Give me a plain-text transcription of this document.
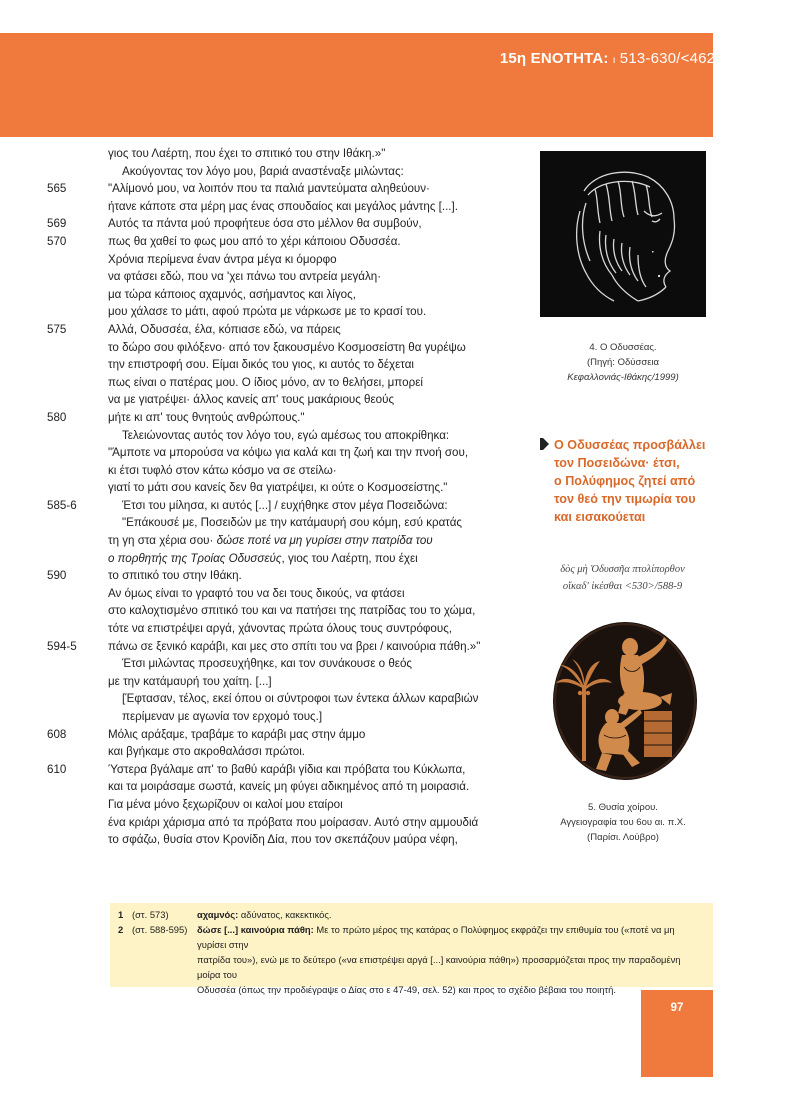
15η ΕΝΟΤΗΤΑ: ι 513-630/<462-566>
γιος του Λαέρτη, που έχει το σπιτικό του στην Ιθάκη.»"
Ακούγοντας τον λόγο μου, βαριά αναστέναξε μιλώντας:
565	"Αλίμονό μου, να λοιπόν που τα παλιά μαντεύματα αληθεύουν·
ήτανε κάποτε στα μέρη μας ένας σπουδαίος και μεγάλος μάντης [...].
569	Αυτός τα πάντα μού προφήτευε όσα στο μέλλον θα συμβούν,
570	πως θα χαθεί το φως μου από το χέρι κάποιου Οδυσσέα.
Χρόνια περίμενα έναν άντρα μέγα κι όμορφο
να φτάσει εδώ, που να 'χει πάνω του αντρεία μεγάλη·
μα τώρα κάποιος αχαμνός, ασήμαντος και λίγος,
μου χάλασε το μάτι, αφού πρώτα με νάρκωσε με το κρασί του.
575	Αλλά, Οδυσσέα, έλα, κόπιασε εδώ, να πάρεις
το δώρο σου φιλόξενο· από τον ξακουσμένο Κοσμοσείστη θα γυρέψω
την επιστροφή σου. Είμαι δικός του γιος, κι αυτός το δέχεται
πως είναι ο πατέρας μου. Ο ίδιος μόνο, αν το θελήσει, μπορεί
να με γιατρέψει· άλλος κανείς απ' τους μακάριους θεούς
580	μήτε κι απ' τους θνητούς ανθρώπους."
Τελειώνοντας αυτός τον λόγο του, εγώ αμέσως του αποκρίθηκα:
"Άμποτε να μπορούσα να κόψω για καλά και τη ζωή και την πνοή σου,
κι έτσι τυφλό στον κάτω κόσμο να σε στείλω·
γιατί το μάτι σου κανείς δεν θα γιατρέψει, κι ούτε ο Κοσμοσείστης."
585-6	Έτσι του μίλησα, κι αυτός [...] / ευχήθηκε στον μέγα Ποσειδώνα:
"Επάκουσέ με, Ποσειδών με την κατάμαυρή σου κόμη, εσύ κρατάς
τη γη στα χέρια σου· δώσε ποτέ να μη γυρίσει στην πατρίδα του
ο πορθητής της Τροίας Οδυσσεύς, γιος του Λαέρτη, που έχει
590	το σπιτικό του στην Ιθάκη.
Αν όμως είναι το γραφτό του να δει τους δικούς, να φτάσει
στο καλοχτισμένο σπιτικό του και να πατήσει της πατρίδας του το χώμα,
τότε να επιστρέψει αργά, χάνοντας πρώτα όλους τους συντρόφους,
594-5	πάνω σε ξενικό καράβι, και μες στο σπίτι του να βρει / καινούρια πάθη.»"
Έτσι μιλώντας προσευχήθηκε, και τον συνάκουσε ο θεός
με την κατάμαυρή του χαίτη. [...]
[Έφτασαν, τέλος, εκεί όπου οι σύντροφοι των έντεκα άλλων καραβιών
περίμεναν με αγωνία τον ερχομό τους.]
608	Μόλις αράξαμε, τραβάμε το καράβι μας στην άμμο
και βγήκαμε στο ακροθαλάσσι πρώτοι.
610	Ύστερα βγάλαμε απ' το βαθύ καράβι γίδια και πρόβατα του Κύκλωπα,
και τα μοιράσαμε σωστά, κανείς μη φύγει αδικημένος από τη μοιρασιά.
Για μένα μόνο ξεχωρίζουν οι καλοί μου εταίροι
ένα κριάρι χάρισμα από τα πρόβατα που μοίρασαν. Αυτό στην αμμουδιά
το σφάζω, θυσία στον Κρονίδη Δία, που τον σκεπάζουν μαύρα νέφη,
4. Ο Οδυσσέας.
(Πηγή: Οδύσσεια
Κεφαλλονιάς-Ιθάκης/1999)
Ο Οδυσσέας προσβάλλει
τον Ποσειδώνα· έτσι,
ο Πολύφημος ζητεί από
τον θεό την τιμωρία του
και εισακούεται
δὸς μὴ Ὀδυσσῆα πτολίπορθον
οἴκαδ' ἱκέσθαι <530>/588-9
5. Θυσία χοίρου.
Αγγειογραφία του 6ου αι. π.Χ.
(Παρίσι. Λούβρο)
1 (στ. 573)	αχαμνός: αδύνατος, κακεκτικός.
2 (στ. 588-595) δώσε [...] καινούρια πάθη: Με το πρώτο μέρος της κατάρας ο Πολύφημος εκφράζει την επιθυμία του («ποτέ να μη γυρίσει στην
πατρίδα του»), ενώ με το δεύτερο («να επιστρέψει αργά [...] καινούρια πάθη») προσαρμόζεται προς την παραδομένη μοίρα του
Οδυσσέα (όπως την προδιέγραψε ο Δίας στο ε 47-49, σελ. 52) και προς το σχέδιο βέβαια του ποιητή.
97
